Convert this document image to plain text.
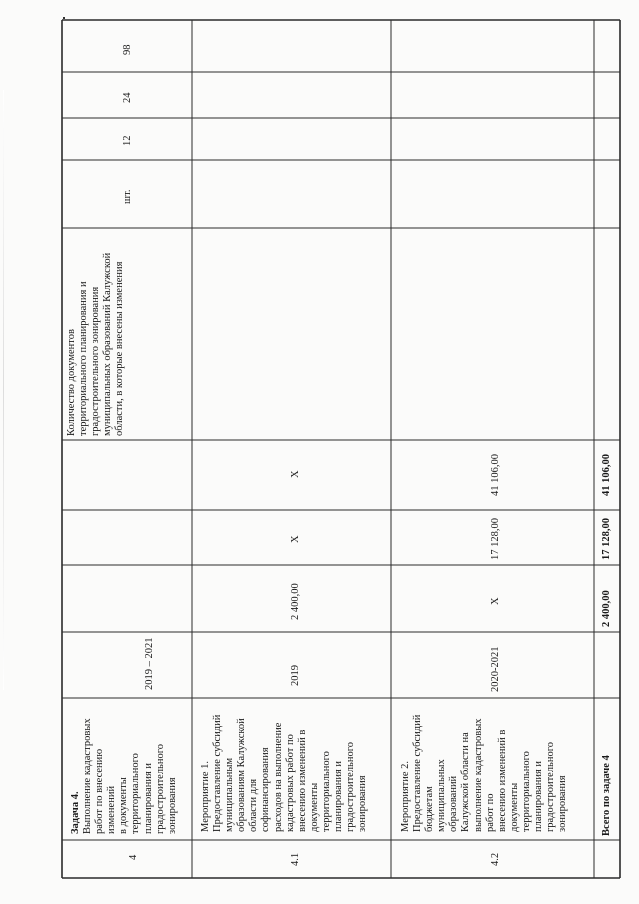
4
Задача 4. Выполнение кадастровых
работ по внесению
изменений
в документы
территориального
планирования и
градостроительного
зонирования
2019 – 2021
Количество документов
территориального планирования и
градостроительного зонирования
муниципальных образований Калужской
области, в которые внесены изменения
шт.
12
24
98
4.1
Мероприятие 1.
Предоставление субсидий
муниципальным
образованиям Калужской
области для
софинансирования
расходов на выполнение
кадастровых работ по
внесению изменений в
документы
территориального
планирования и
градостроительного
зонирования
2019
2 400,00
X
X
4.2
Мероприятие 2.
Предоставление субсидий
бюджетам
муниципальных
образований
Калужской области на
выполнение кадастровых
работ по
внесению изменений в
документы
территориального
планирования и
градостроительного
зонирования
2020-2021
X
17 128,00
41 106,00
Всего по задаче 4
2 400,00
17 128,00
41 106,00
